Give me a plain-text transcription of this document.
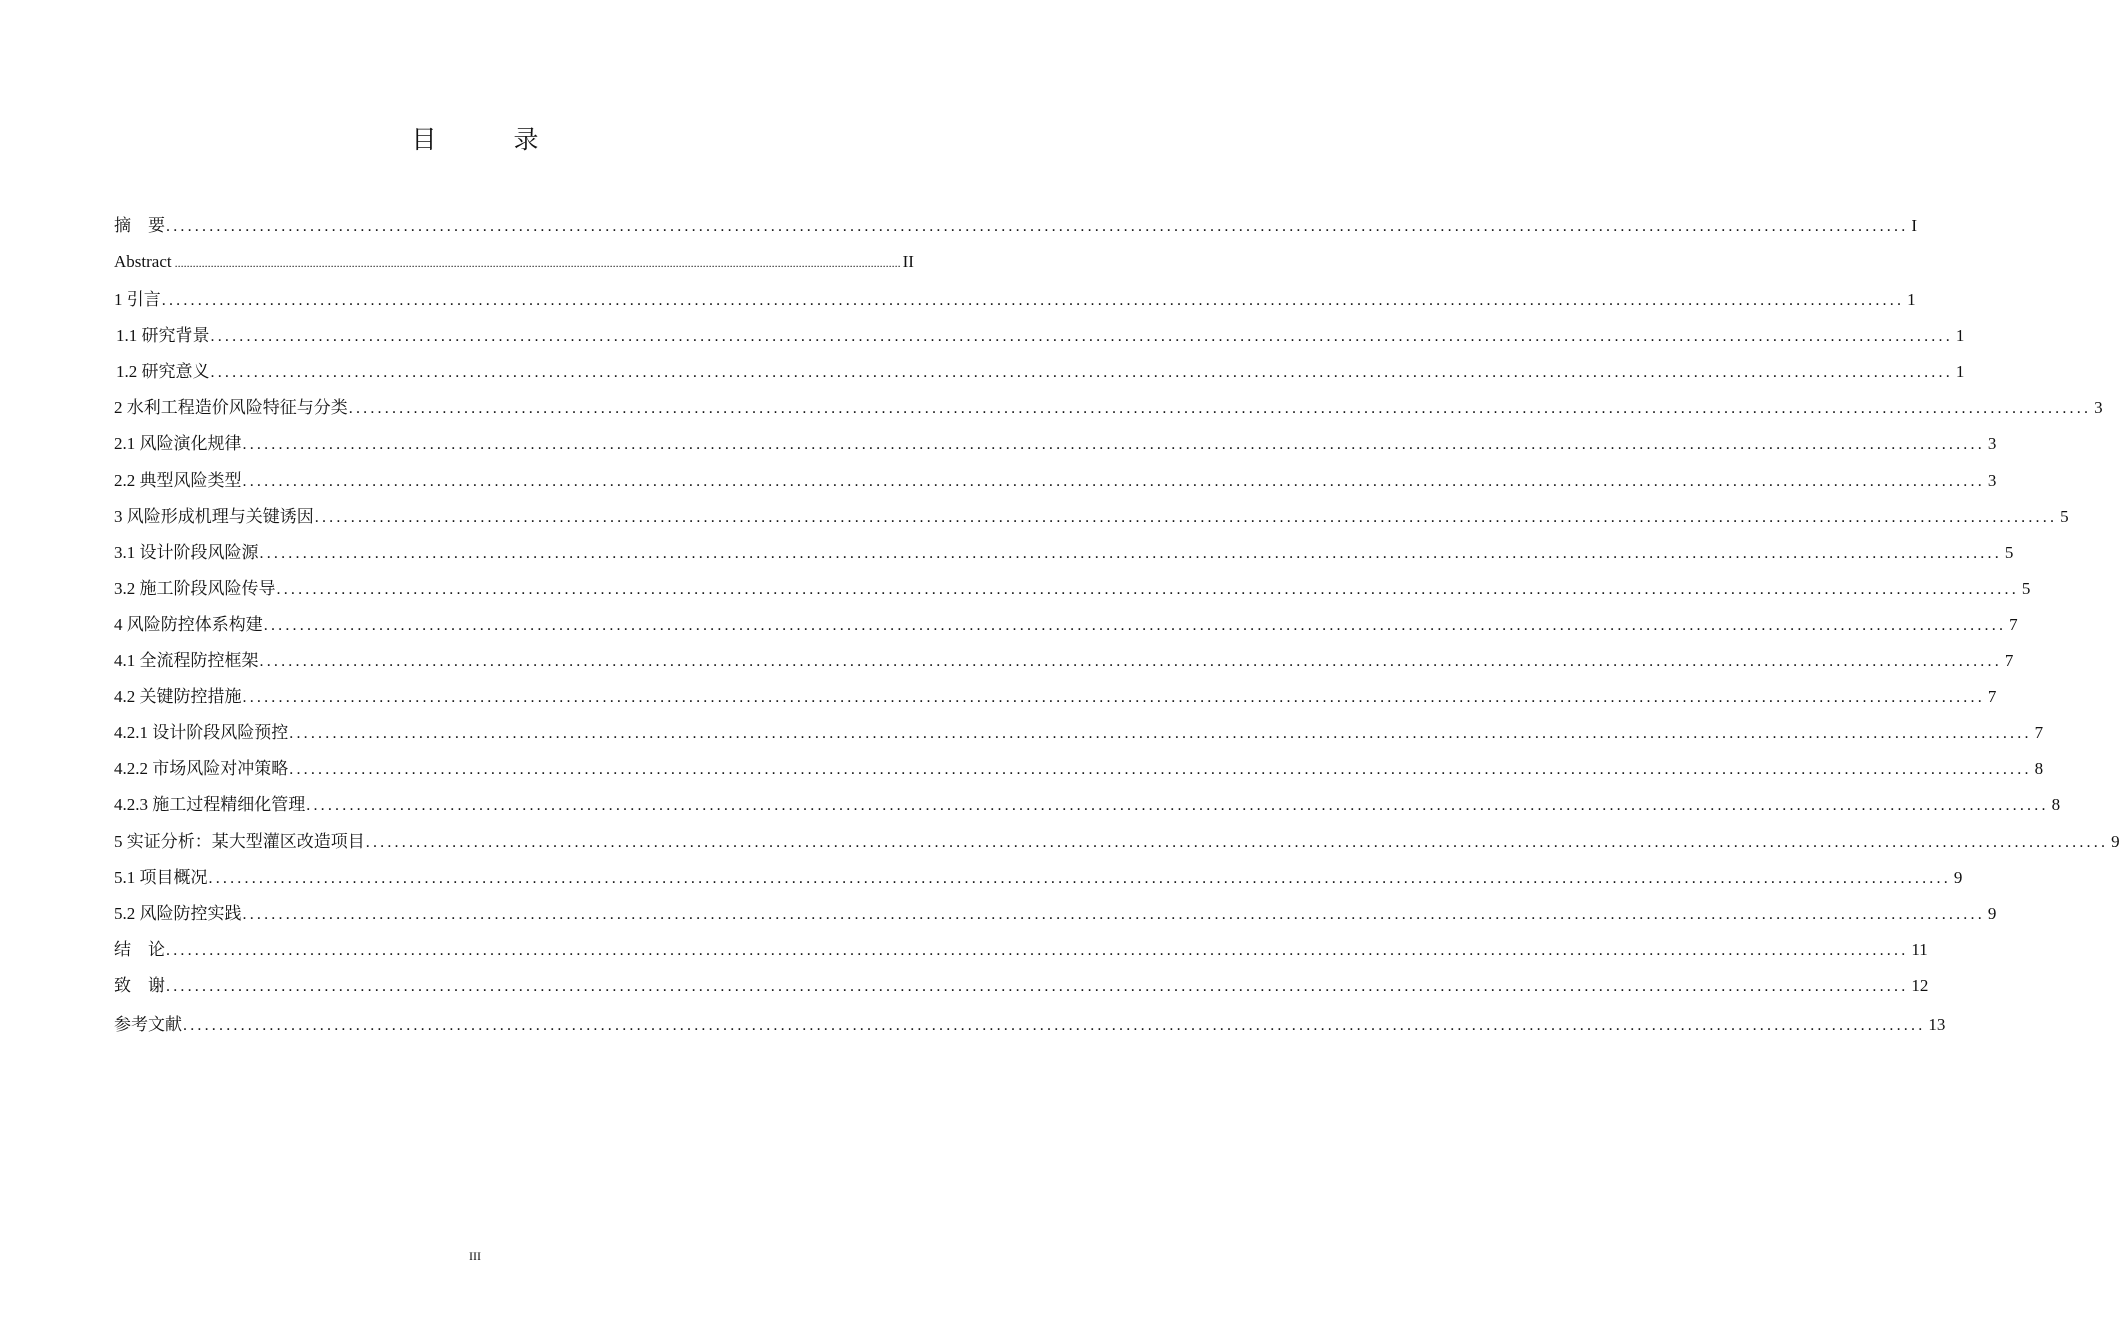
目　录
摘　要 .................................................................................................................................................................................................................................................. I
Abstract .................................................................................................................................................................................................................................................. II
1 引言 .................................................................................................................................................................................................................................................. 1
1.1 研究背景 .................................................................................................................................................................................................................................................. 1
1.2 研究意义 .................................................................................................................................................................................................................................................. 1
2 水利工程造价风险特征与分类 .................................................................................................................................................................................................................................................. 3
2.1 风险演化规律 .................................................................................................................................................................................................................................................. 3
2.2 典型风险类型 .................................................................................................................................................................................................................................................. 3
3 风险形成机理与关键诱因 .................................................................................................................................................................................................................................................. 5
3.1 设计阶段风险源 .................................................................................................................................................................................................................................................. 5
3.2 施工阶段风险传导 .................................................................................................................................................................................................................................................. 5
4 风险防控体系构建 .................................................................................................................................................................................................................................................. 7
4.1 全流程防控框架 .................................................................................................................................................................................................................................................. 7
4.2 关键防控措施 .................................................................................................................................................................................................................................................. 7
4.2.1 设计阶段风险预控 .................................................................................................................................................................................................................................................. 7
4.2.2 市场风险对冲策略 .................................................................................................................................................................................................................................................. 8
4.2.3 施工过程精细化管理 .................................................................................................................................................................................................................................................. 8
5 实证分析：某大型灌区改造项目 .................................................................................................................................................................................................................................................. 9
5.1 项目概况 .................................................................................................................................................................................................................................................. 9
5.2 风险防控实践 .................................................................................................................................................................................................................................................. 9
结　论 .................................................................................................................................................................................................................................................. 11
致　谢 .................................................................................................................................................................................................................................................. 12
参考文献 .................................................................................................................................................................................................................................................. 13
III
